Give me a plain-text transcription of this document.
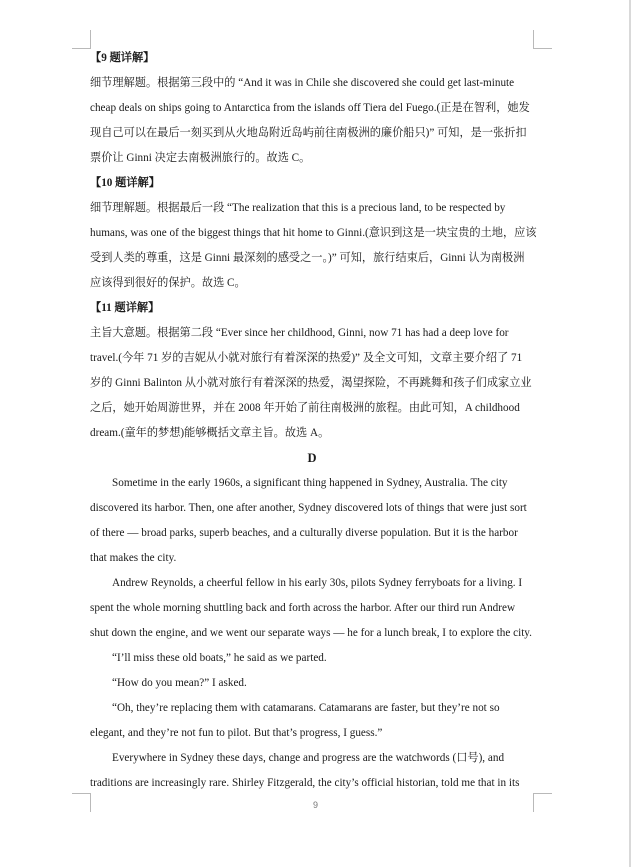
【9 题详解】
细节理解题。根据第三段中的 “And it was in Chile she discovered she could get last-minute
cheap deals on ships going to Antarctica from the islands off Tiera del Fuego.(正是在智利，她发
现自己可以在最后一刻买到从火地岛附近岛屿前往南极洲的廉价船只)” 可知，是一张折扣
票价让 Ginni 决定去南极洲旅行的。故选 C。
【10 题详解】
细节理解题。根据最后一段 “The realization that this is a precious land, to be respected by
humans, was one of the biggest things that hit home to Ginni.(意识到这是一块宝贵的土地，应该
受到人类的尊重，这是 Ginni 最深刻的感受之一。)” 可知，旅行结束后，Ginni 认为南极洲
应该得到很好的保护。故选 C。
【11 题详解】
主旨大意题。根据第二段 “Ever since her childhood, Ginni, now 71 has had a deep love for
travel.(今年 71 岁的吉妮从小就对旅行有着深深的热爱)” 及全文可知，文章主要介绍了 71
岁的 Ginni Balinton 从小就对旅行有着深深的热爱，渴望探险，不再跳舞和孩子们成家立业
之后，她开始周游世界，并在 2008 年开始了前往南极洲的旅程。由此可知，A childhood
dream.(童年的梦想)能够概括文章主旨。故选 A。
D
Sometime in the early 1960s, a significant thing happened in Sydney, Australia. The city
discovered its harbor. Then, one after another, Sydney discovered lots of things that were just sort
of there — broad parks, superb beaches, and a culturally diverse population. But it is the harbor
that makes the city.
Andrew Reynolds, a cheerful fellow in his early 30s, pilots Sydney ferryboats for a living. I
spent the whole morning shuttling back and forth across the harbor. After our third run Andrew
shut down the engine, and we went our separate ways — he for a lunch break, I to explore the city.
“I’ll miss these old boats,” he said as we parted.
“How do you mean?” I asked.
“Oh, they’re replacing them with catamarans. Catamarans are faster, but they’re not so
elegant, and they’re not fun to pilot. But that’s progress, I guess.”
Everywhere in Sydney these days, change and progress are the watchwords (口号), and
traditions are increasingly rare. Shirley Fitzgerald, the city’s official historian, told me that in its
9
